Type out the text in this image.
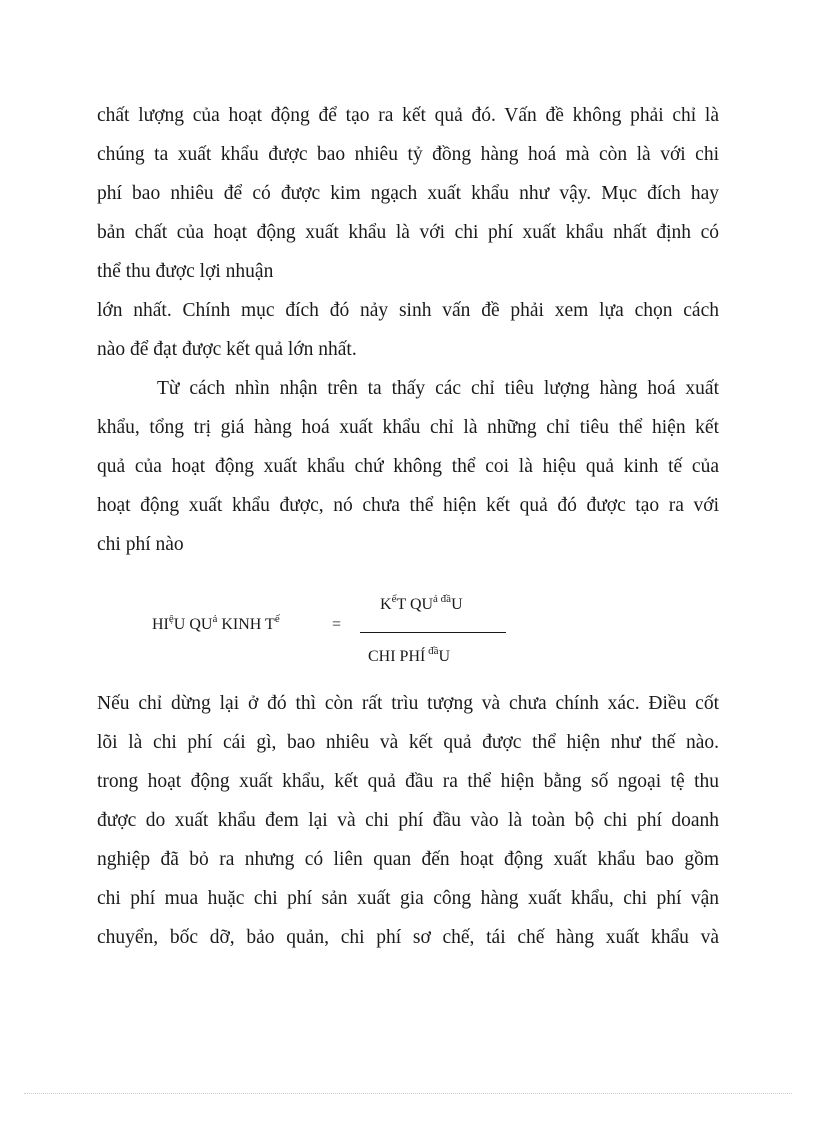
chất lượng của hoạt động để tạo ra kết quả đó. Vấn đề không phải chỉ là
chúng ta xuất khẩu được bao nhiêu tỷ đồng hàng hoá mà còn là với chi
phí bao nhiêu để có được kim ngạch xuất khẩu như vậy. Mục đích hay
bản chất của hoạt động xuất khẩu là với chi phí xuất khẩu nhất định có
thể thu được lợi nhuận

lớn nhất. Chính mục đích đó nảy sinh vấn đề phải xem lựa chọn cách
nào để đạt được kết quả lớn nhất.

Từ cách nhìn nhận trên ta thấy các chỉ tiêu lượng hàng hoá xuất
khẩu, tổng trị giá hàng hoá xuất khẩu chỉ là những chỉ tiêu thể hiện kết
quả của hoạt động xuất khẩu chứ không thể coi là hiệu quả kinh tế của
hoạt động xuất khẩu được, nó chưa thể hiện kết quả đó được tạo ra với
chi phí nào

$HI^ệU$ $QU^ả$ KINH $T^ế$	=
$K^ếT$ $QU^{ả đầ}U$
CHI PHÍ $^{đầ}$U

Nếu chỉ dừng lại ở đó thì còn rất trìu tượng và chưa chính xác. Điều cốt
lõi là chi phí cái gì, bao nhiêu và kết quả được thể hiện như thế nào.
trong hoạt động xuất khẩu, kết quả đầu ra thể hiện bằng số ngoại tệ thu
được do xuất khẩu đem lại và chi phí đầu vào là toàn bộ chi phí doanh
nghiệp đã bỏ ra nhưng có liên quan đến hoạt động xuất khẩu bao gồm
chi phí mua huặc chi phí sản xuất gia công hàng xuất khẩu, chi phí vận
chuyển, bốc dỡ, bảo quản, chi phí sơ chế, tái chế hàng xuất khẩu và
